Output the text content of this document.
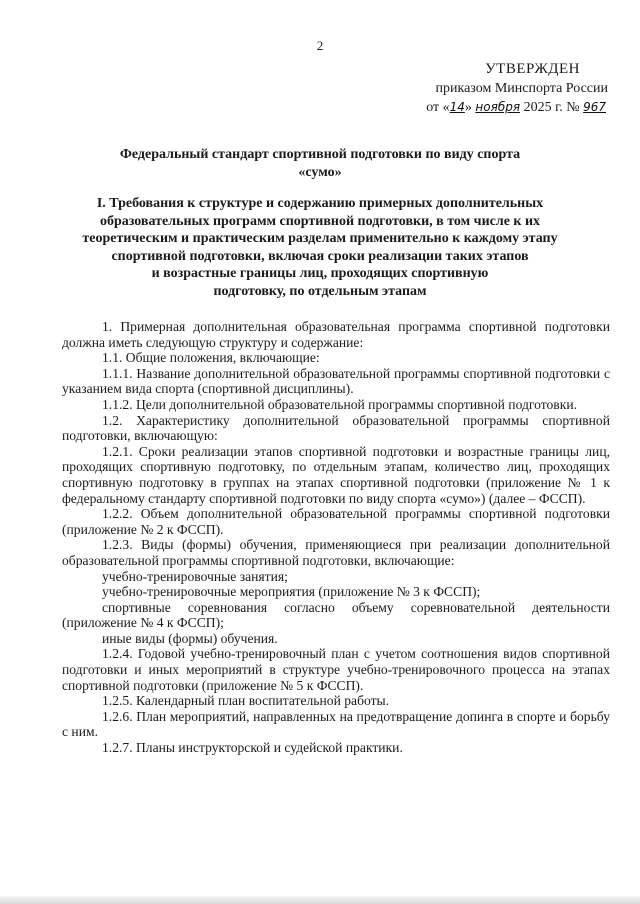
2
УТВЕРЖДЕН
приказом Минспорта России
от «14» ноября 2025 г. № 967
Федеральный стандарт спортивной подготовки по виду спорта
«сумо»
I. Требования к структуре и содержанию примерных дополнительных
образовательных программ спортивной подготовки, в том числе к их
теоретическим и практическим разделам применительно к каждому этапу
спортивной подготовки, включая сроки реализации таких этапов
и возрастные границы лиц, проходящих спортивную
подготовку, по отдельным этапам

1. Примерная дополнительная образовательная программа спортивной подготовки должна иметь следующую структуру и содержание:

1.1. Общие положения, включающие:

1.1.1. Название дополнительной образовательной программы спортивной подготовки с указанием вида спорта (спортивной дисциплины).

1.1.2. Цели дополнительной образовательной программы спортивной подготовки.

1.2. Характеристику дополнительной образовательной программы спортивной подготовки, включающую:

1.2.1. Сроки реализации этапов спортивной подготовки и возрастные границы лиц, проходящих спортивную подготовку, по отдельным этапам, количество лиц, проходящих спортивную подготовку в группах на этапах спортивной подготовки (приложение № 1 к федеральному стандарту спортивной подготовки по виду спорта «сумо») (далее – ФССП).

1.2.2. Объем дополнительной образовательной программы спортивной подготовки (приложение № 2 к ФССП).

1.2.3. Виды (формы) обучения, применяющиеся при реализации дополнительной образовательной программы спортивной подготовки, включающие:

учебно-тренировочные занятия;

учебно-тренировочные мероприятия (приложение № 3 к ФССП);

спортивные соревнования согласно объему соревновательной деятельности (приложение № 4 к ФССП);

иные виды (формы) обучения.

1.2.4. Годовой учебно-тренировочный план с учетом соотношения видов спортивной подготовки и иных мероприятий в структуре учебно-тренировочного процесса на этапах спортивной подготовки (приложение № 5 к ФССП).

1.2.5. Календарный план воспитательной работы.

1.2.6. План мероприятий, направленных на предотвращение допинга в спорте и борьбу с ним.

1.2.7. Планы инструкторской и судейской практики.
